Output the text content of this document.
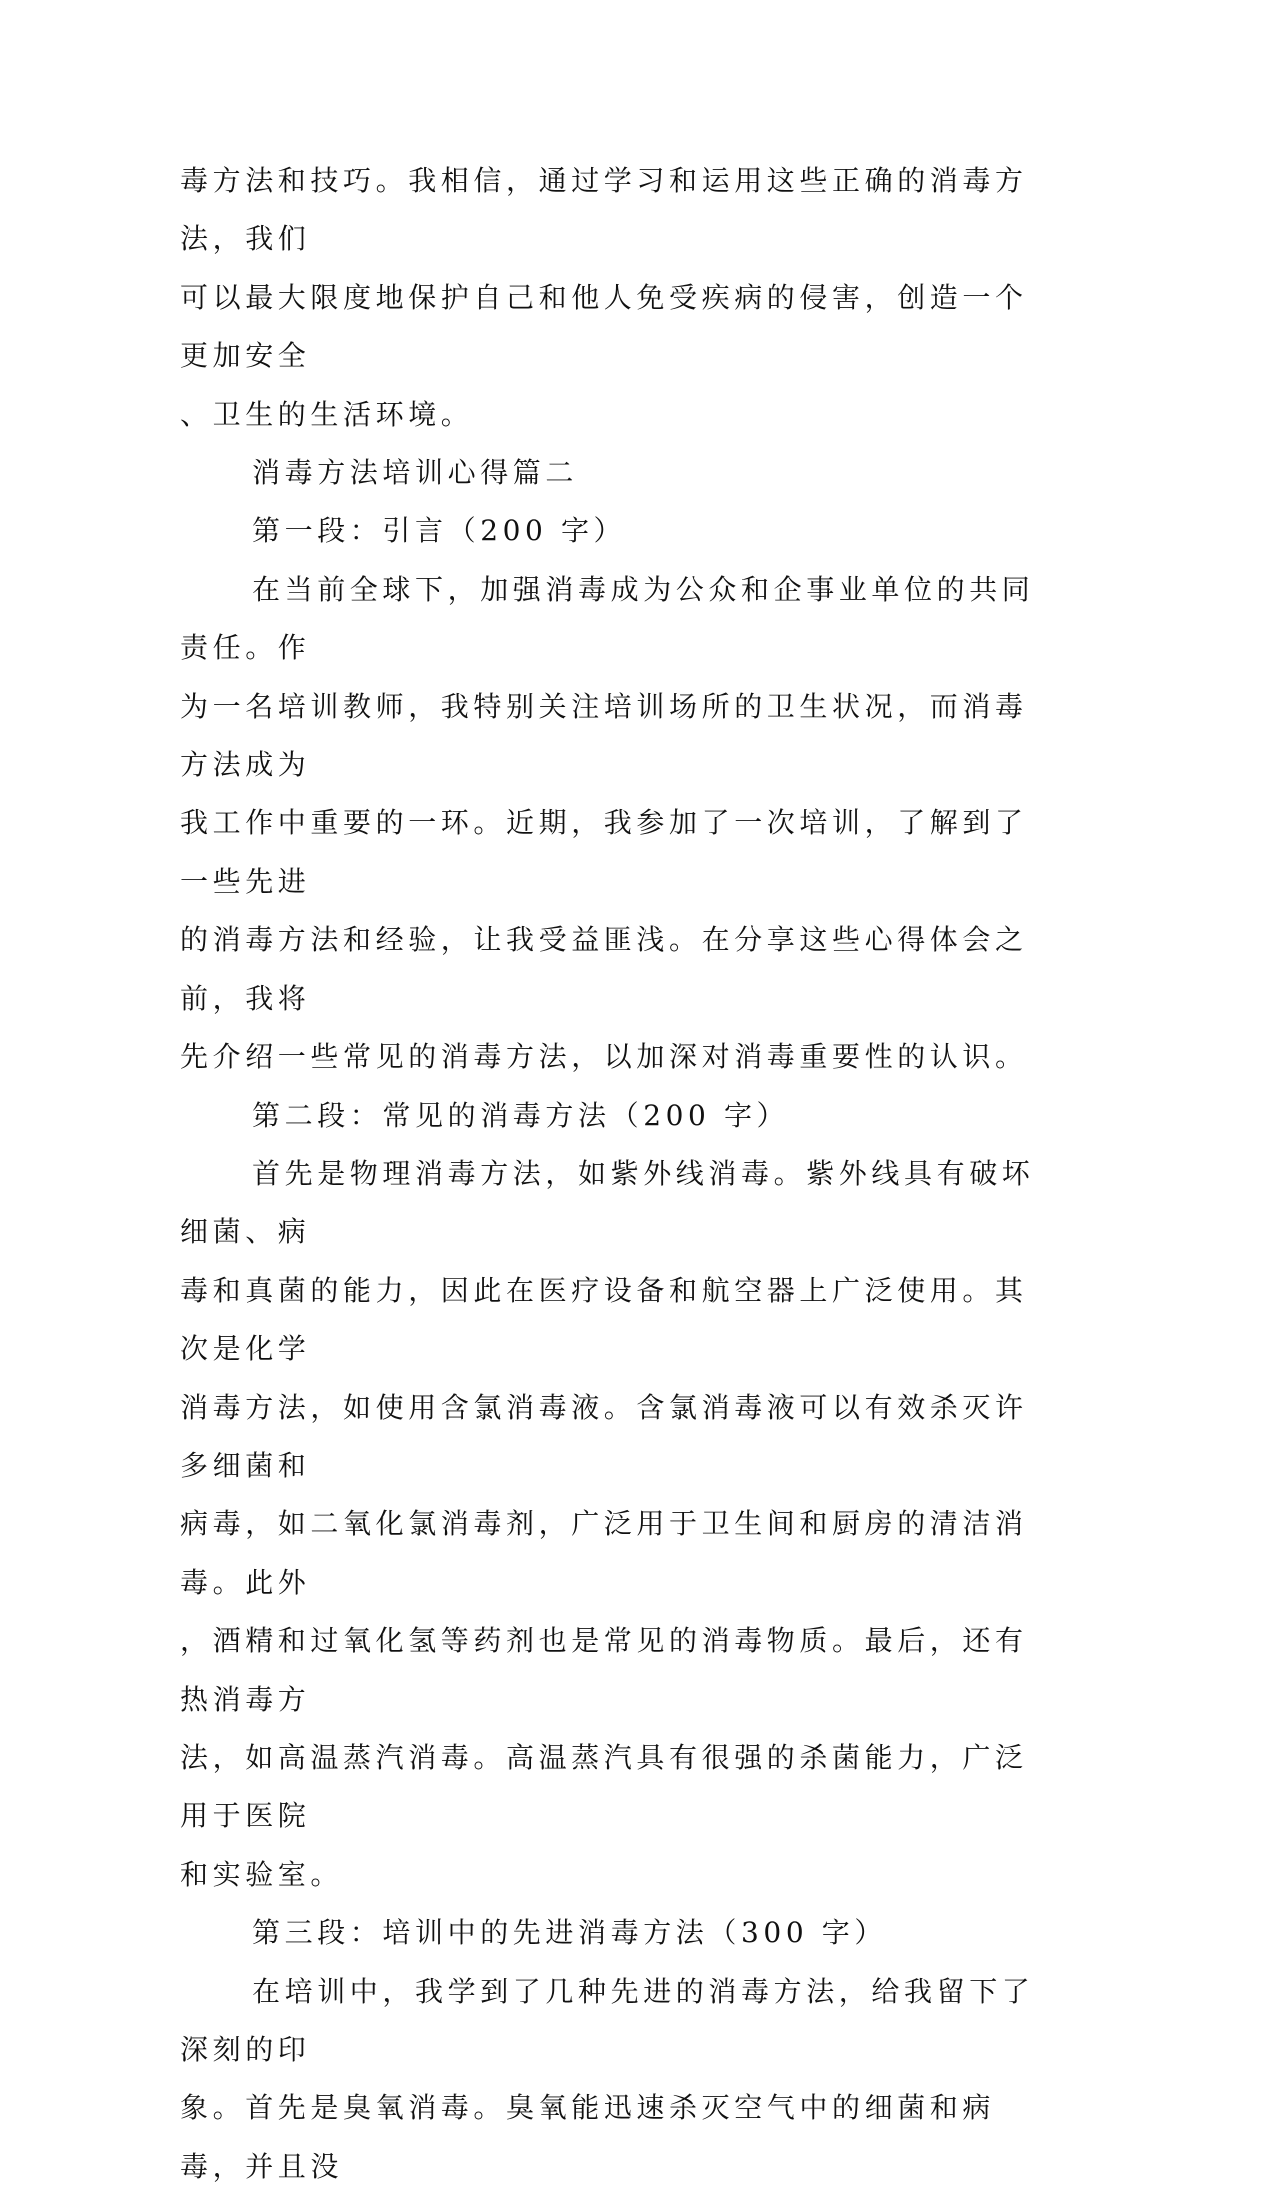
毒方法和技巧。我相信，通过学习和运用这些正确的消毒方法，我们
可以最大限度地保护自己和他人免受疾病的侵害，创造一个更加安全
、卫生的生活环境。

消毒方法培训心得篇二

第一段：引言（200 字）

在当前全球下，加强消毒成为公众和企事业单位的共同责任。作
为一名培训教师，我特别关注培训场所的卫生状况，而消毒方法成为
我工作中重要的一环。近期，我参加了一次培训，了解到了一些先进
的消毒方法和经验，让我受益匪浅。在分享这些心得体会之前，我将
先介绍一些常见的消毒方法，以加深对消毒重要性的认识。

第二段：常见的消毒方法（200 字）

首先是物理消毒方法，如紫外线消毒。紫外线具有破坏细菌、病
毒和真菌的能力，因此在医疗设备和航空器上广泛使用。其次是化学
消毒方法，如使用含氯消毒液。含氯消毒液可以有效杀灭许多细菌和
病毒，如二氧化氯消毒剂，广泛用于卫生间和厨房的清洁消毒。此外
，酒精和过氧化氢等药剂也是常见的消毒物质。最后，还有热消毒方
法，如高温蒸汽消毒。高温蒸汽具有很强的杀菌能力，广泛用于医院
和实验室。

第三段：培训中的先进消毒方法（300 字）

在培训中，我学到了几种先进的消毒方法，给我留下了深刻的印
象。首先是臭氧消毒。臭氧能迅速杀灭空气中的细菌和病毒，并且没
